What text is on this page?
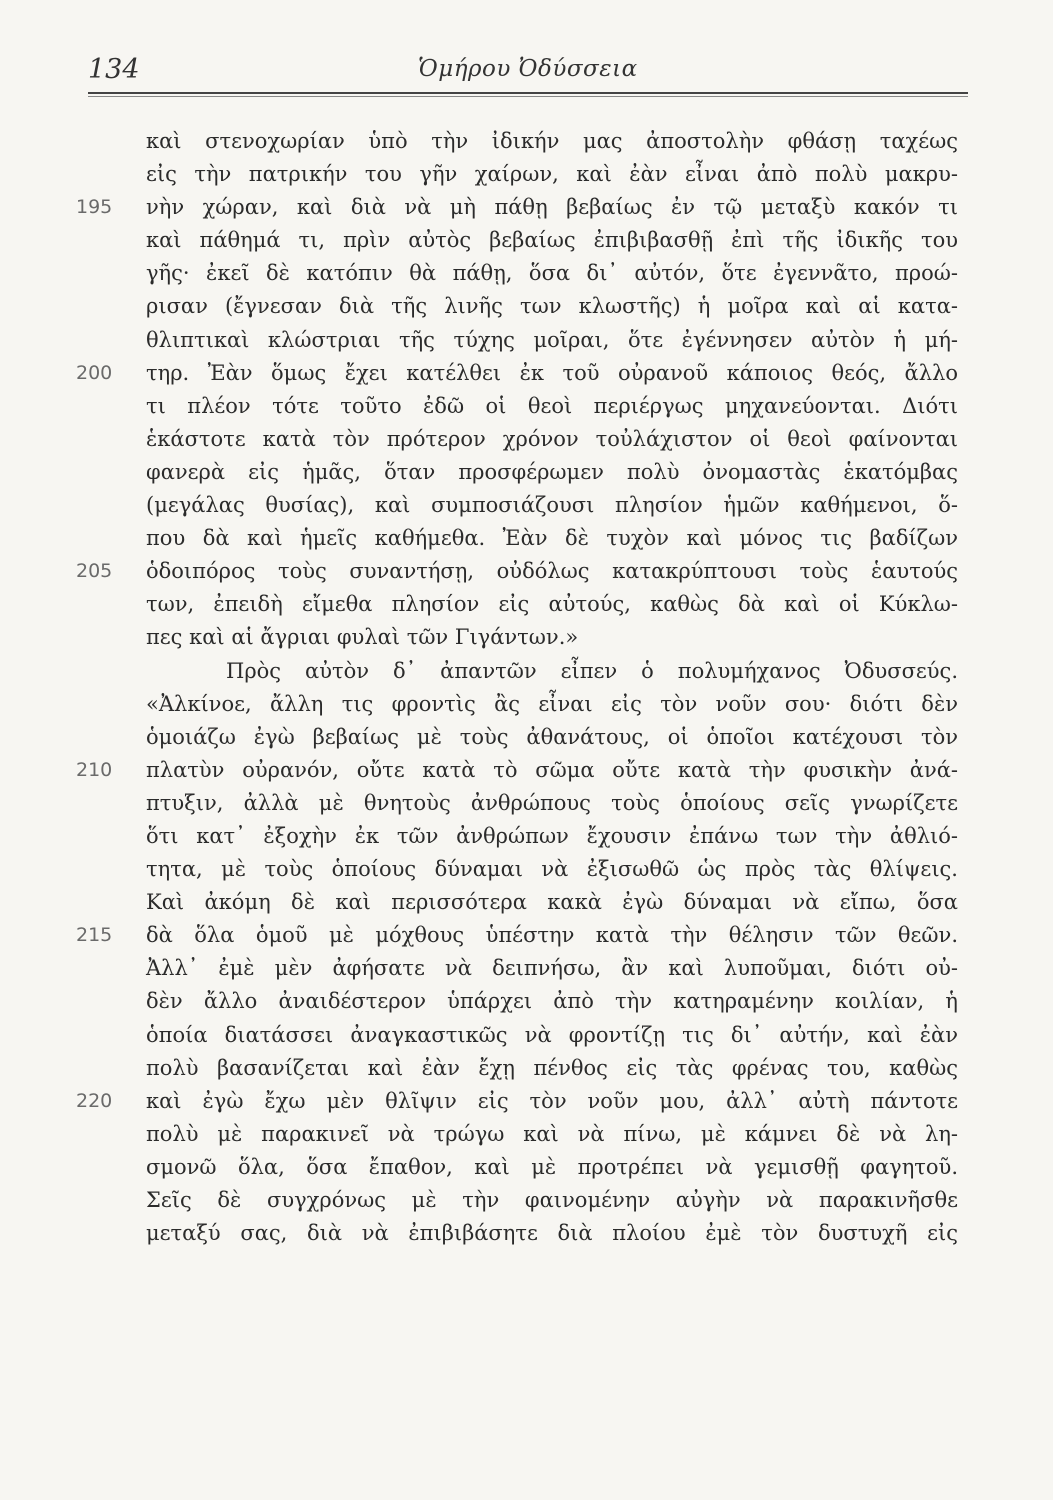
134	Ὁμήρου Ὀδύσσεια
καὶ στενοχωρίαν ὑπὸ τὴν ἰδικήν μας ἀποστολὴν φθάσῃ ταχέως
εἰς τὴν πατρικήν του γῆν χαίρων, καὶ ἐὰν εἶναι ἀπὸ πολὺ μακρυ-
195	νὴν χώραν, καὶ διὰ νὰ μὴ πάθῃ βεβαίως ἐν τῷ μεταξὺ κακόν τι
καὶ πάθημά τι, πρὶν αὐτὸς βεβαίως ἐπιβιβασθῇ ἐπὶ τῆς ἰδικῆς του
γῆς· ἐκεῖ δὲ κατόπιν θὰ πάθῃ, ὅσα δι᾽ αὐτόν, ὅτε ἐγεννᾶτο, προώ-
ρισαν (ἔγνεσαν διὰ τῆς λινῆς των κλωστῆς) ἡ μοῖρα καὶ αἱ κατα-
θλιπτικαὶ κλώστριαι τῆς τύχης μοῖραι, ὅτε ἐγέννησεν αὐτὸν ἡ μή-
200	τηρ. Ἐὰν ὅμως ἔχει κατέλθει ἐκ τοῦ οὐρανοῦ κάποιος θεός, ἄλλο
τι πλέον τότε τοῦτο ἐδῶ οἱ θεοὶ περιέργως μηχανεύονται. Διότι
ἑκάστοτε κατὰ τὸν πρότερον χρόνον τοὐλάχιστον οἱ θεοὶ φαίνονται
φανερὰ εἰς ἡμᾶς, ὅταν προσφέρωμεν πολὺ ὀνομαστὰς ἑκατόμβας
(μεγάλας θυσίας), καὶ συμποσιάζουσι πλησίον ἡμῶν καθήμενοι, ὅ-
που δὰ καὶ ἡμεῖς καθήμεθα. Ἐὰν δὲ τυχὸν καὶ μόνος τις βαδίζων
205	ὁδοιπόρος τοὺς συναντήσῃ, οὐδόλως κατακρύπτουσι τοὺς ἑαυτούς
των, ἐπειδὴ εἴμεθα πλησίον εἰς αὐτούς, καθὼς δὰ καὶ οἱ Κύκλω-
πες καὶ αἱ ἄγριαι φυλαὶ τῶν Γιγάντων.»
Πρὸς αὐτὸν δ᾽ ἀπαντῶν εἶπεν ὁ πολυμήχανος Ὀδυσσεύς.
«Ἀλκίνοε, ἄλλη τις φροντὶς ἂς εἶναι εἰς τὸν νοῦν σου· διότι δὲν
ὁμοιάζω ἐγὼ βεβαίως μὲ τοὺς ἀθανάτους, οἱ ὁποῖοι κατέχουσι τὸν
210	πλατὺν οὐρανόν, οὔτε κατὰ τὸ σῶμα οὔτε κατὰ τὴν φυσικὴν ἀνά-
πτυξιν, ἀλλὰ μὲ θνητοὺς ἀνθρώπους τοὺς ὁποίους σεῖς γνωρίζετε
ὅτι κατ᾽ ἐξοχὴν ἐκ τῶν ἀνθρώπων ἔχουσιν ἐπάνω των τὴν ἀθλιό-
τητα, μὲ τοὺς ὁποίους δύναμαι νὰ ἐξισωθῶ ὡς πρὸς τὰς θλίψεις.
Καὶ ἀκόμη δὲ καὶ περισσότερα κακὰ ἐγὼ δύναμαι νὰ εἴπω, ὅσα
215	δὰ ὅλα ὁμοῦ μὲ μόχθους ὑπέστην κατὰ τὴν θέλησιν τῶν θεῶν.
Ἀλλ᾽ ἐμὲ μὲν ἀφήσατε νὰ δειπνήσω, ἂν καὶ λυποῦμαι, διότι οὐ-
δὲν ἄλλο ἀναιδέστερον ὑπάρχει ἀπὸ τὴν κατηραμένην κοιλίαν, ἡ
ὁποία διατάσσει ἀναγκαστικῶς νὰ φροντίζῃ τις δι᾽ αὐτήν, καὶ ἐὰν
πολὺ βασανίζεται καὶ ἐὰν ἔχῃ πένθος εἰς τὰς φρένας του, καθὼς
220	καὶ ἐγὼ ἔχω μὲν θλῖψιν εἰς τὸν νοῦν μου, ἀλλ᾽ αὐτὴ πάντοτε
πολὺ μὲ παρακινεῖ νὰ τρώγω καὶ νὰ πίνω, μὲ κάμνει δὲ νὰ λη-
σμονῶ ὅλα, ὅσα ἔπαθον, καὶ μὲ προτρέπει νὰ γεμισθῇ φαγητοῦ.
Σεῖς δὲ συγχρόνως μὲ τὴν φαινομένην αὐγὴν νὰ παρακινῆσθε
μεταξύ σας, διὰ νὰ ἐπιβιβάσητε διὰ πλοίου ἐμὲ τὸν δυστυχῆ εἰς
